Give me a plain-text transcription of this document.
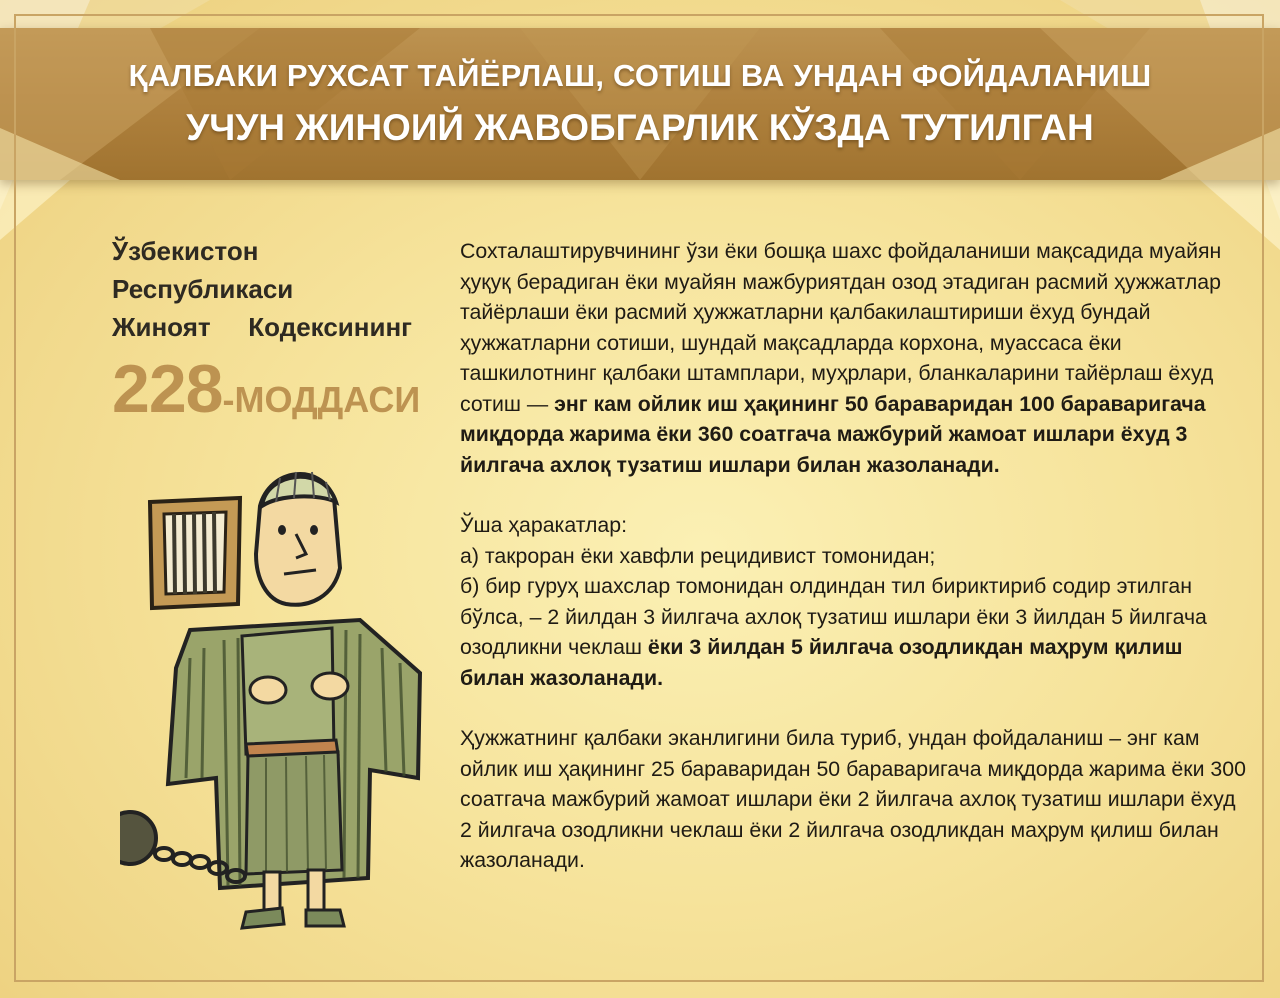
ҚАЛБАКИ РУХСАТ ТАЙЁРЛАШ, СОТИШ ВА УНДАН ФОЙДАЛАНИШ
УЧУН ЖИНОИЙ ЖАВОБГАРЛИК КЎЗДА ТУТИЛГАН
Ўзбекистон Республикаси
Жиноят Кодексининг
228-МОДДАСИ

Сохталаштирувчининг ўзи ёки бошқа шахс фойдаланиши мақсадида муайян ҳуқуқ берадиган ёки муайян мажбуриятдан озод этадиган расмий ҳужжатлар тайёрлаши ёки расмий ҳужжатларни қалбакилаштириши ёхуд бундай ҳужжатларни сотиши, шундай мақсадларда корхона, муассаса ёки ташкилотнинг қалбаки штамплари, муҳрлари, бланкаларини тайёрлаш ёхуд сотиш — энг кам ойлик иш ҳақининг 50 бараваридан 100 бараваригача миқдорда жарима ёки 360 соатгача мажбурий жамоат ишлари ёхуд 3 йилгача ахлоқ тузатиш ишлари билан жазоланади.

Ўша ҳаракатлар:
а) такроран ёки хавфли рецидивист томонидан;
б) бир гуруҳ шахслар томонидан олдиндан тил бириктириб содир этилган бўлса, – 2 йилдан 3 йилгача ахлоқ тузатиш ишлари ёки 3 йилдан 5 йилгача озодликни чеклаш ёки 3 йилдан 5 йилгача озодликдан маҳрум қилиш билан жазоланади.

Ҳужжатнинг қалбаки эканлигини била туриб, ундан фойдаланиш – энг кам ойлик иш ҳақининг 25 бараваридан 50 бараваригача миқдорда жарима ёки 300 соатгача мажбурий жамоат ишлари ёки 2 йилгача ахлоқ тузатиш ишлари ёхуд 2 йилгача озодликни чеклаш ёки 2 йилгача озодликдан маҳрум қилиш билан жазоланади.
